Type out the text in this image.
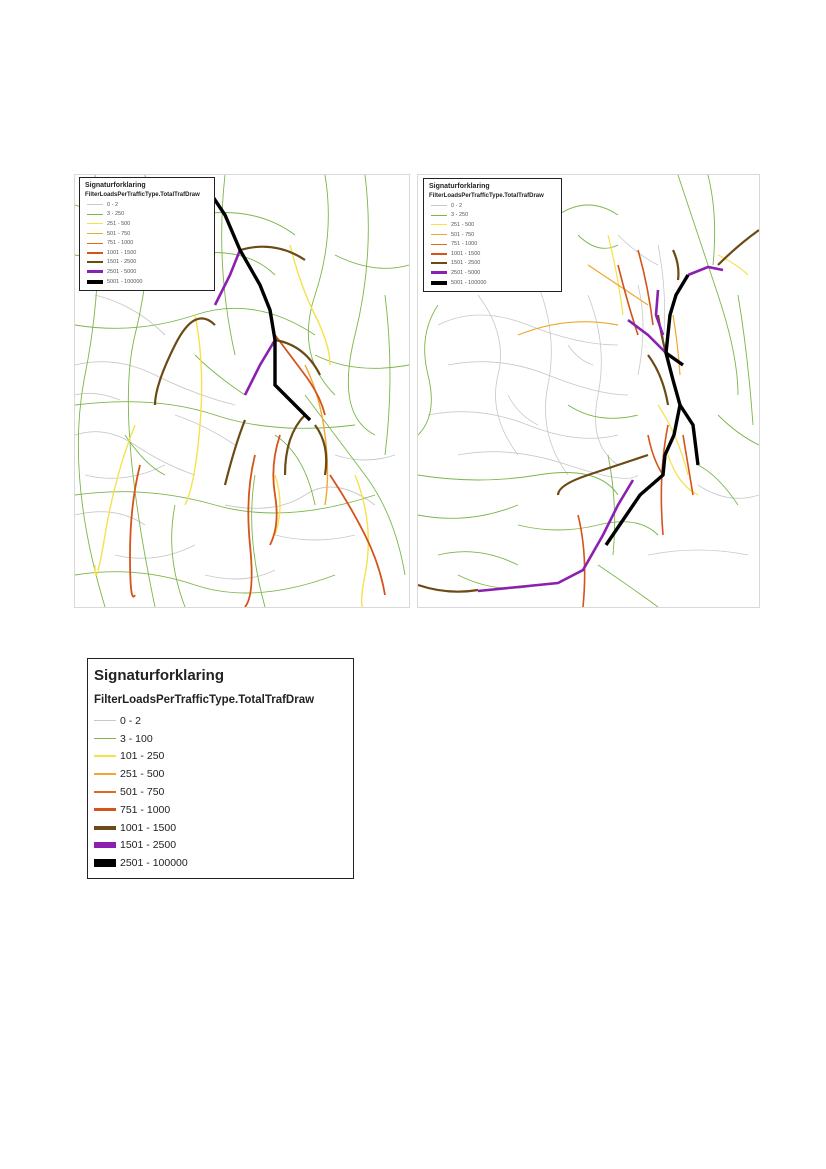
Signaturforklaring
FilterLoadsPerTrafficType.TotalTrafDraw
0 - 2
3 - 250
251 - 500
501 - 750
751 - 1000
1001 - 1500
1501 - 2500
2501 - 5000
5001 - 100000
Signaturforklaring
FilterLoadsPerTrafficType.TotalTrafDraw
0 - 2
3 - 250
251 - 500
501 - 750
751 - 1000
1001 - 1500
1501 - 2500
2501 - 5000
5001 - 100000
Signaturforklaring
FilterLoadsPerTrafficType.TotalTrafDraw
0 - 2
3 - 100
101 - 250
251 - 500
501 - 750
751 - 1000
1001 - 1500
1501 - 2500
2501 - 100000
